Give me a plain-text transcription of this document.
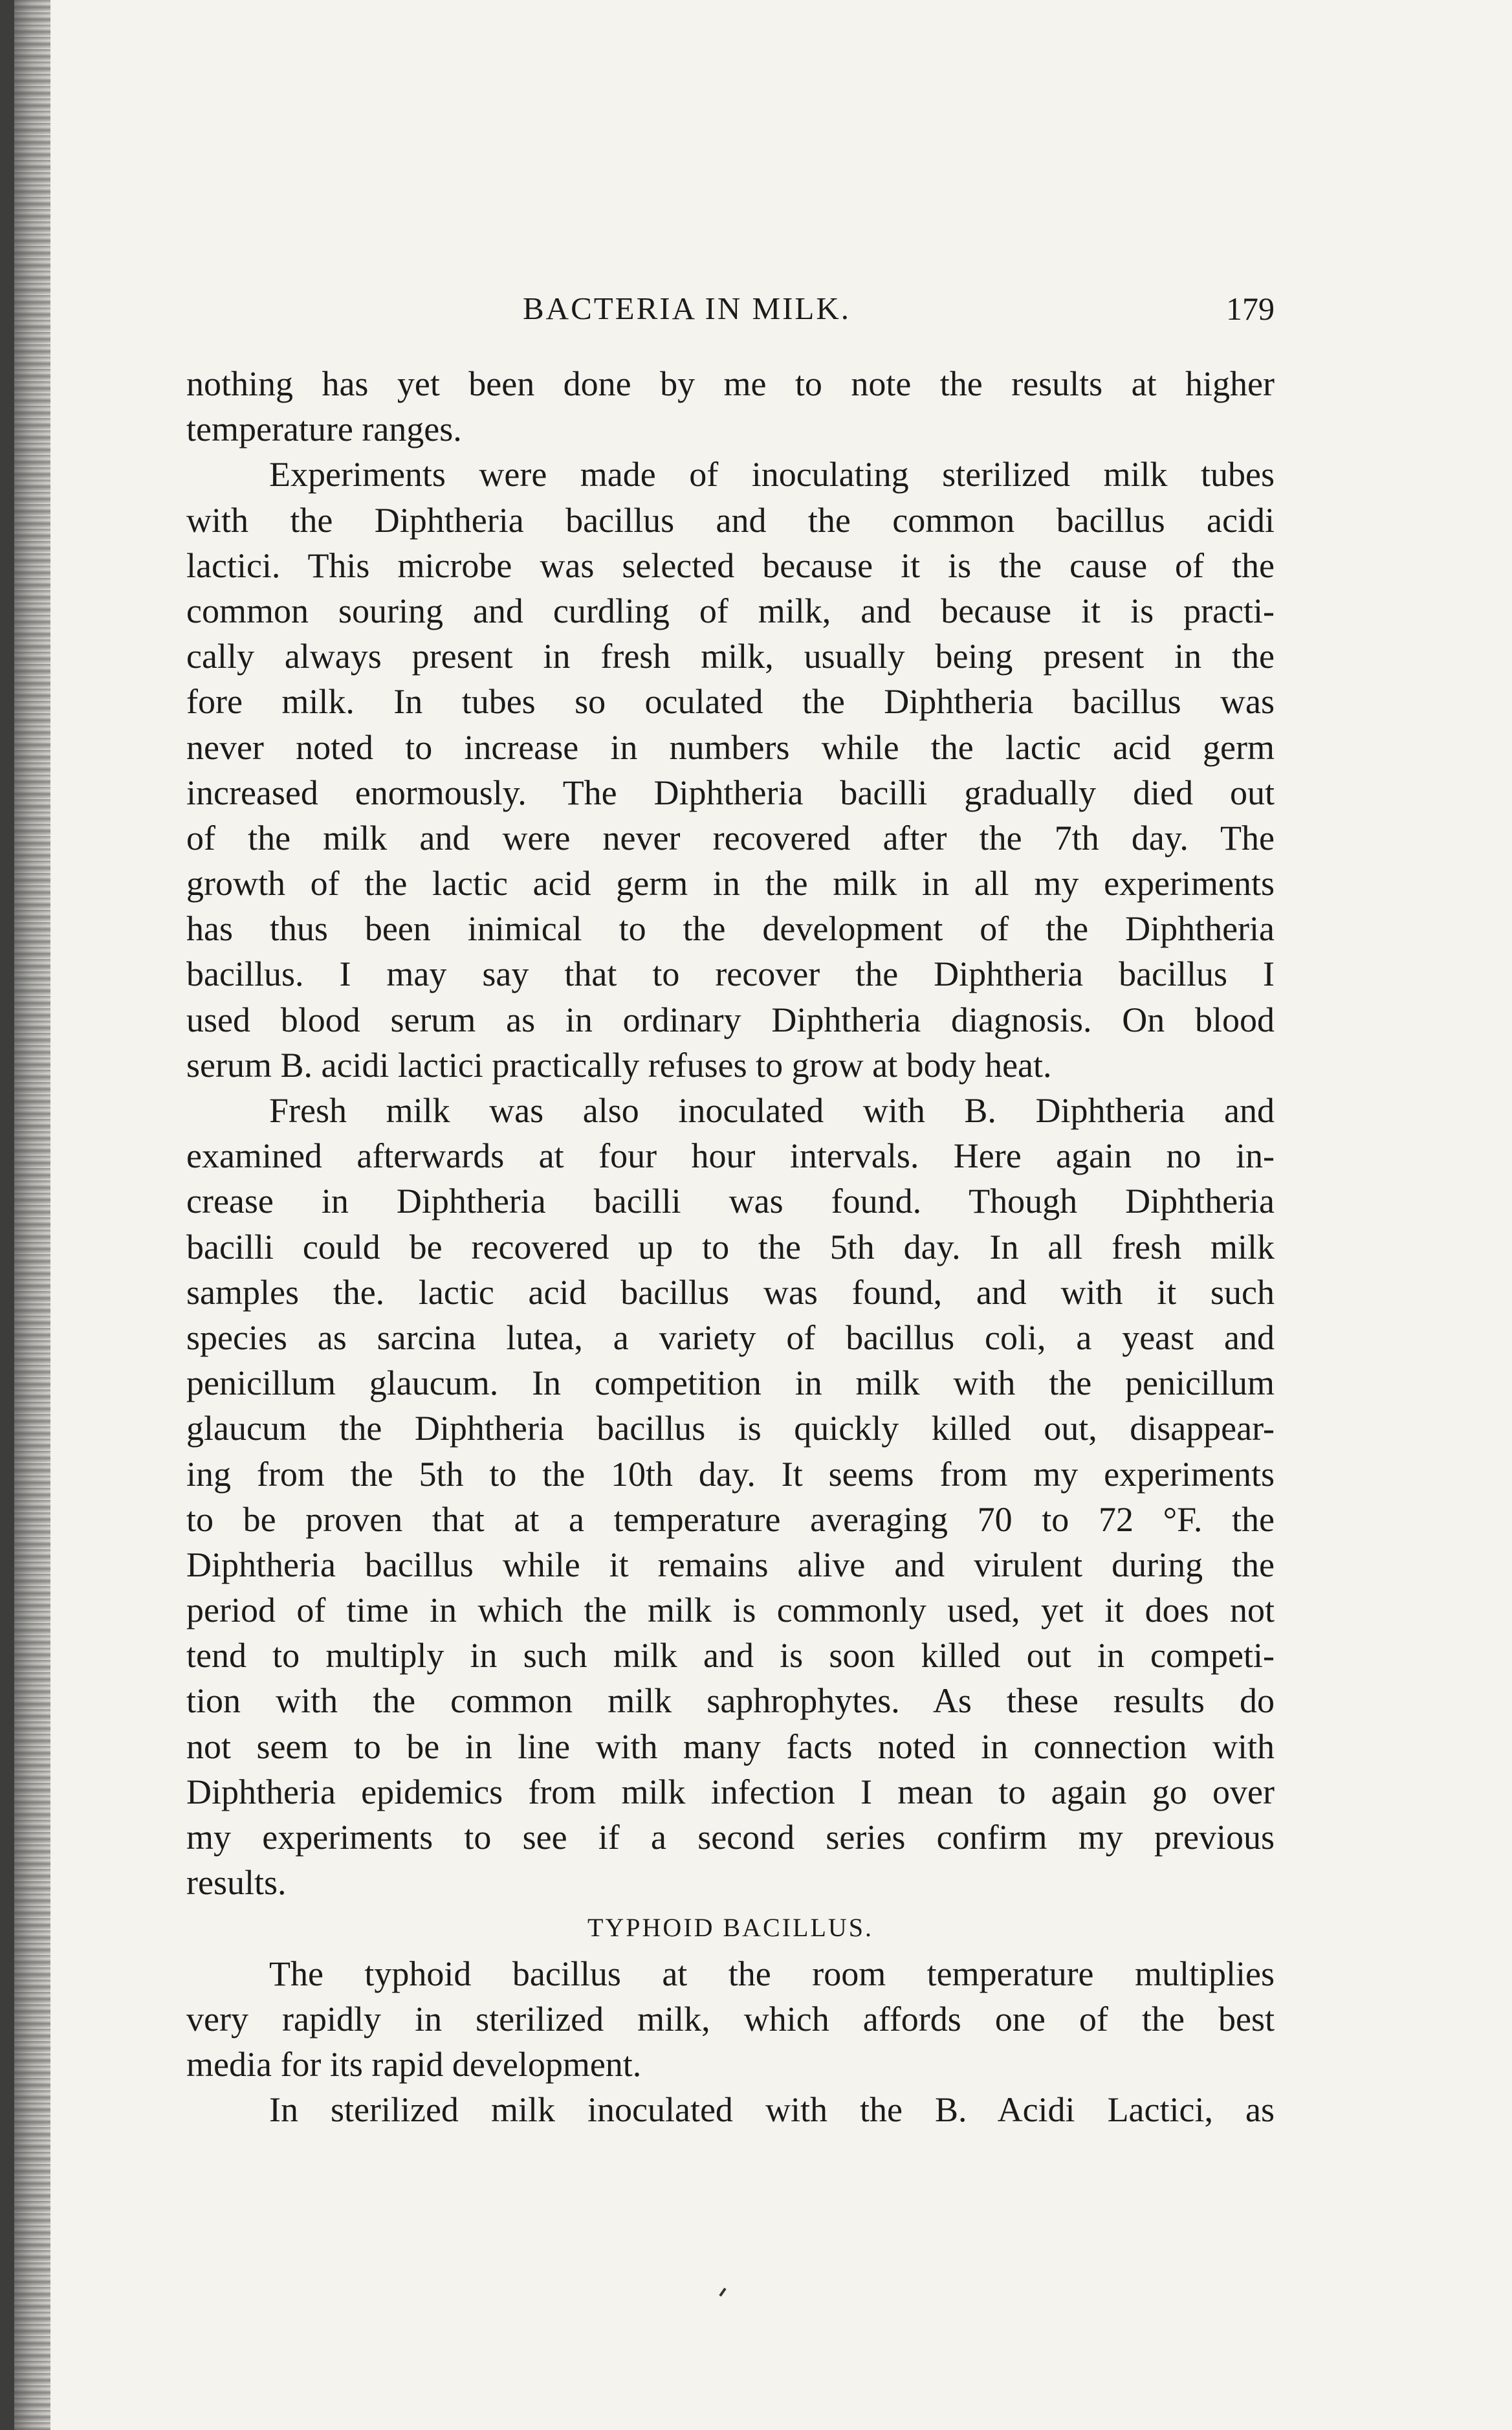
BACTERIA IN MILK.	179
nothing has yet been done by me to note the results at higher
temperature ranges.
Experiments were made of inoculating sterilized milk tubes
with the Diphtheria bacillus and the common bacillus acidi
lactici. This microbe was selected because it is the cause of the
common souring and curdling of milk, and because it is practi-
cally always present in fresh milk, usually being present in the
fore milk. In tubes so oculated the Diphtheria bacillus was
never noted to increase in numbers while the lactic acid germ
increased enormously. The Diphtheria bacilli gradually died out
of the milk and were never recovered after the 7th day. The
growth of the lactic acid germ in the milk in all my experiments
has thus been inimical to the development of the Diphtheria
bacillus. I may say that to recover the Diphtheria bacillus I
used blood serum as in ordinary Diphtheria diagnosis. On blood
serum B. acidi lactici practically refuses to grow at body heat.
Fresh milk was also inoculated with B. Diphtheria and
examined afterwards at four hour intervals. Here again no in-
crease in Diphtheria bacilli was found. Though Diphtheria
bacilli could be recovered up to the 5th day. In all fresh milk
samples the. lactic acid bacillus was found, and with it such
species as sarcina lutea, a variety of bacillus coli, a yeast and
penicillum glaucum. In competition in milk with the penicillum
glaucum the Diphtheria bacillus is quickly killed out, disappear-
ing from the 5th to the 10th day. It seems from my experiments
to be proven that at a temperature averaging 70 to 72 °F. the
Diphtheria bacillus while it remains alive and virulent during the
period of time in which the milk is commonly used, yet it does not
tend to multiply in such milk and is soon killed out in competi-
tion with the common milk saphrophytes. As these results do
not seem to be in line with many facts noted in connection with
Diphtheria epidemics from milk infection I mean to again go over
my experiments to see if a second series confirm my previous
results.
TYPHOID BACILLUS.
The typhoid bacillus at the room temperature multiplies
very rapidly in sterilized milk, which affords one of the best
media for its rapid development.
In sterilized milk inoculated with the B. Acidi Lactici, as
